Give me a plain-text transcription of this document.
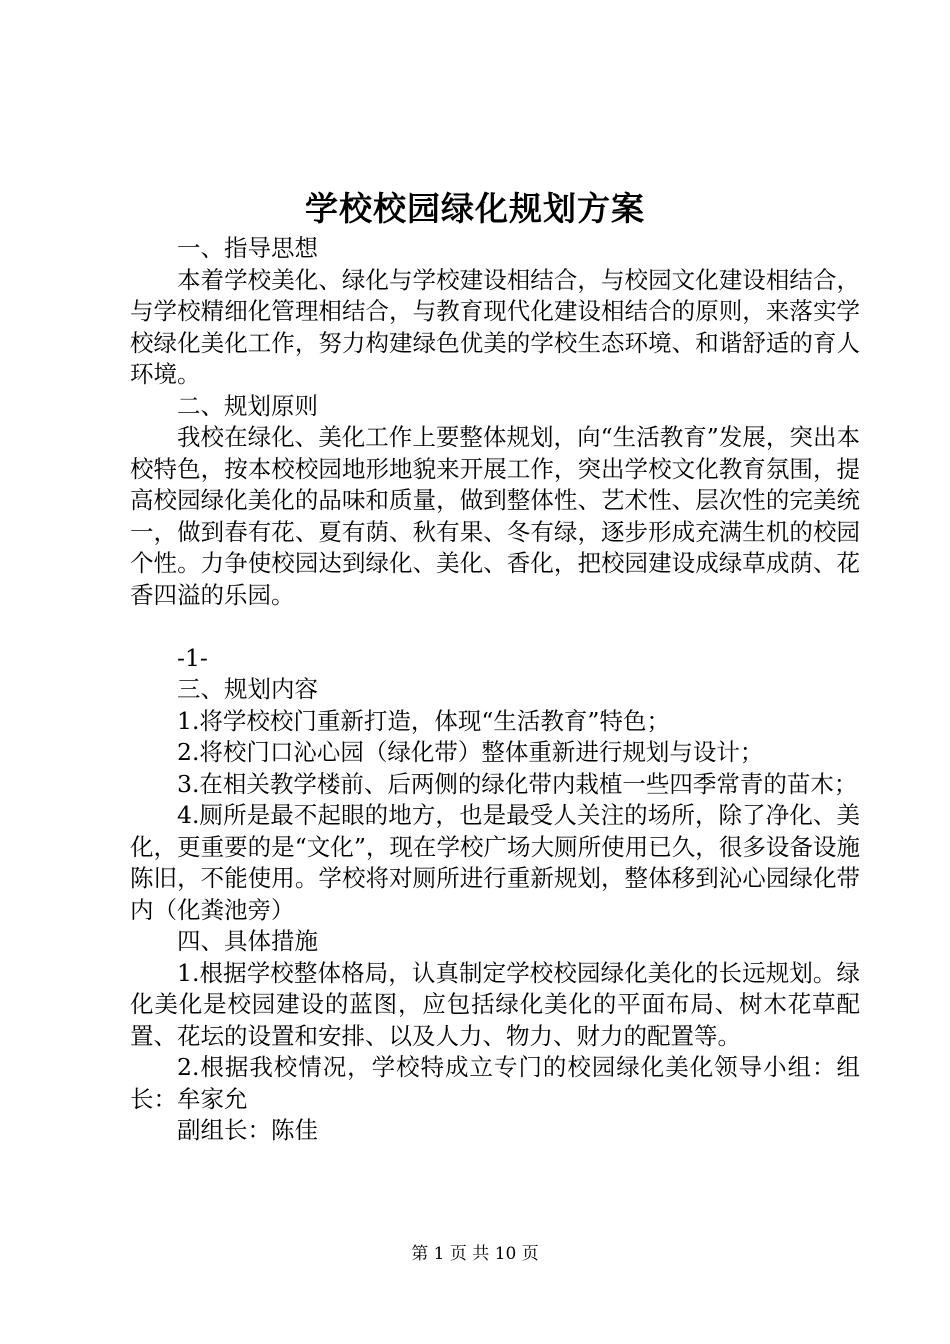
学校校园绿化规划方案

一、指导思想

本着学校美化、绿化与学校建设相结合，与校园文化建设相结合，与学校精细化管理相结合，与教育现代化建设相结合的原则，来落实学校绿化美化工作，努力构建绿色优美的学校生态环境、和谐舒适的育人环境。

二、规划原则

我校在绿化、美化工作上要整体规划，向“生活教育”发展，突出本校特色，按本校校园地形地貌来开展工作，突出学校文化教育氛围，提高校园绿化美化的品味和质量，做到整体性、艺术性、层次性的完美统一，做到春有花、夏有荫、秋有果、冬有绿，逐步形成充满生机的校园个性。力争使校园达到绿化、美化、香化，把校园建设成绿草成荫、花香四溢的乐园。

-1-

三、规划内容

1.将学校校门重新打造，体现“生活教育”特色；

2.将校门口沁心园（绿化带）整体重新进行规划与设计；

3.在相关教学楼前、后两侧的绿化带内栽植一些四季常青的苗木；

4.厕所是最不起眼的地方，也是最受人关注的场所，除了净化、美化，更重要的是“文化”，现在学校广场大厕所使用已久，很多设备设施陈旧，不能使用。学校将对厕所进行重新规划，整体移到沁心园绿化带内（化粪池旁）

四、具体措施

1.根据学校整体格局，认真制定学校校园绿化美化的长远规划。绿化美化是校园建设的蓝图，应包括绿化美化的平面布局、树木花草配置、花坛的设置和安排、以及人力、物力、财力的配置等。

2.根据我校情况，学校特成立专门的校园绿化美化领导小组：组长：牟家允

副组长：陈佳

第 1 页 共 10 页
